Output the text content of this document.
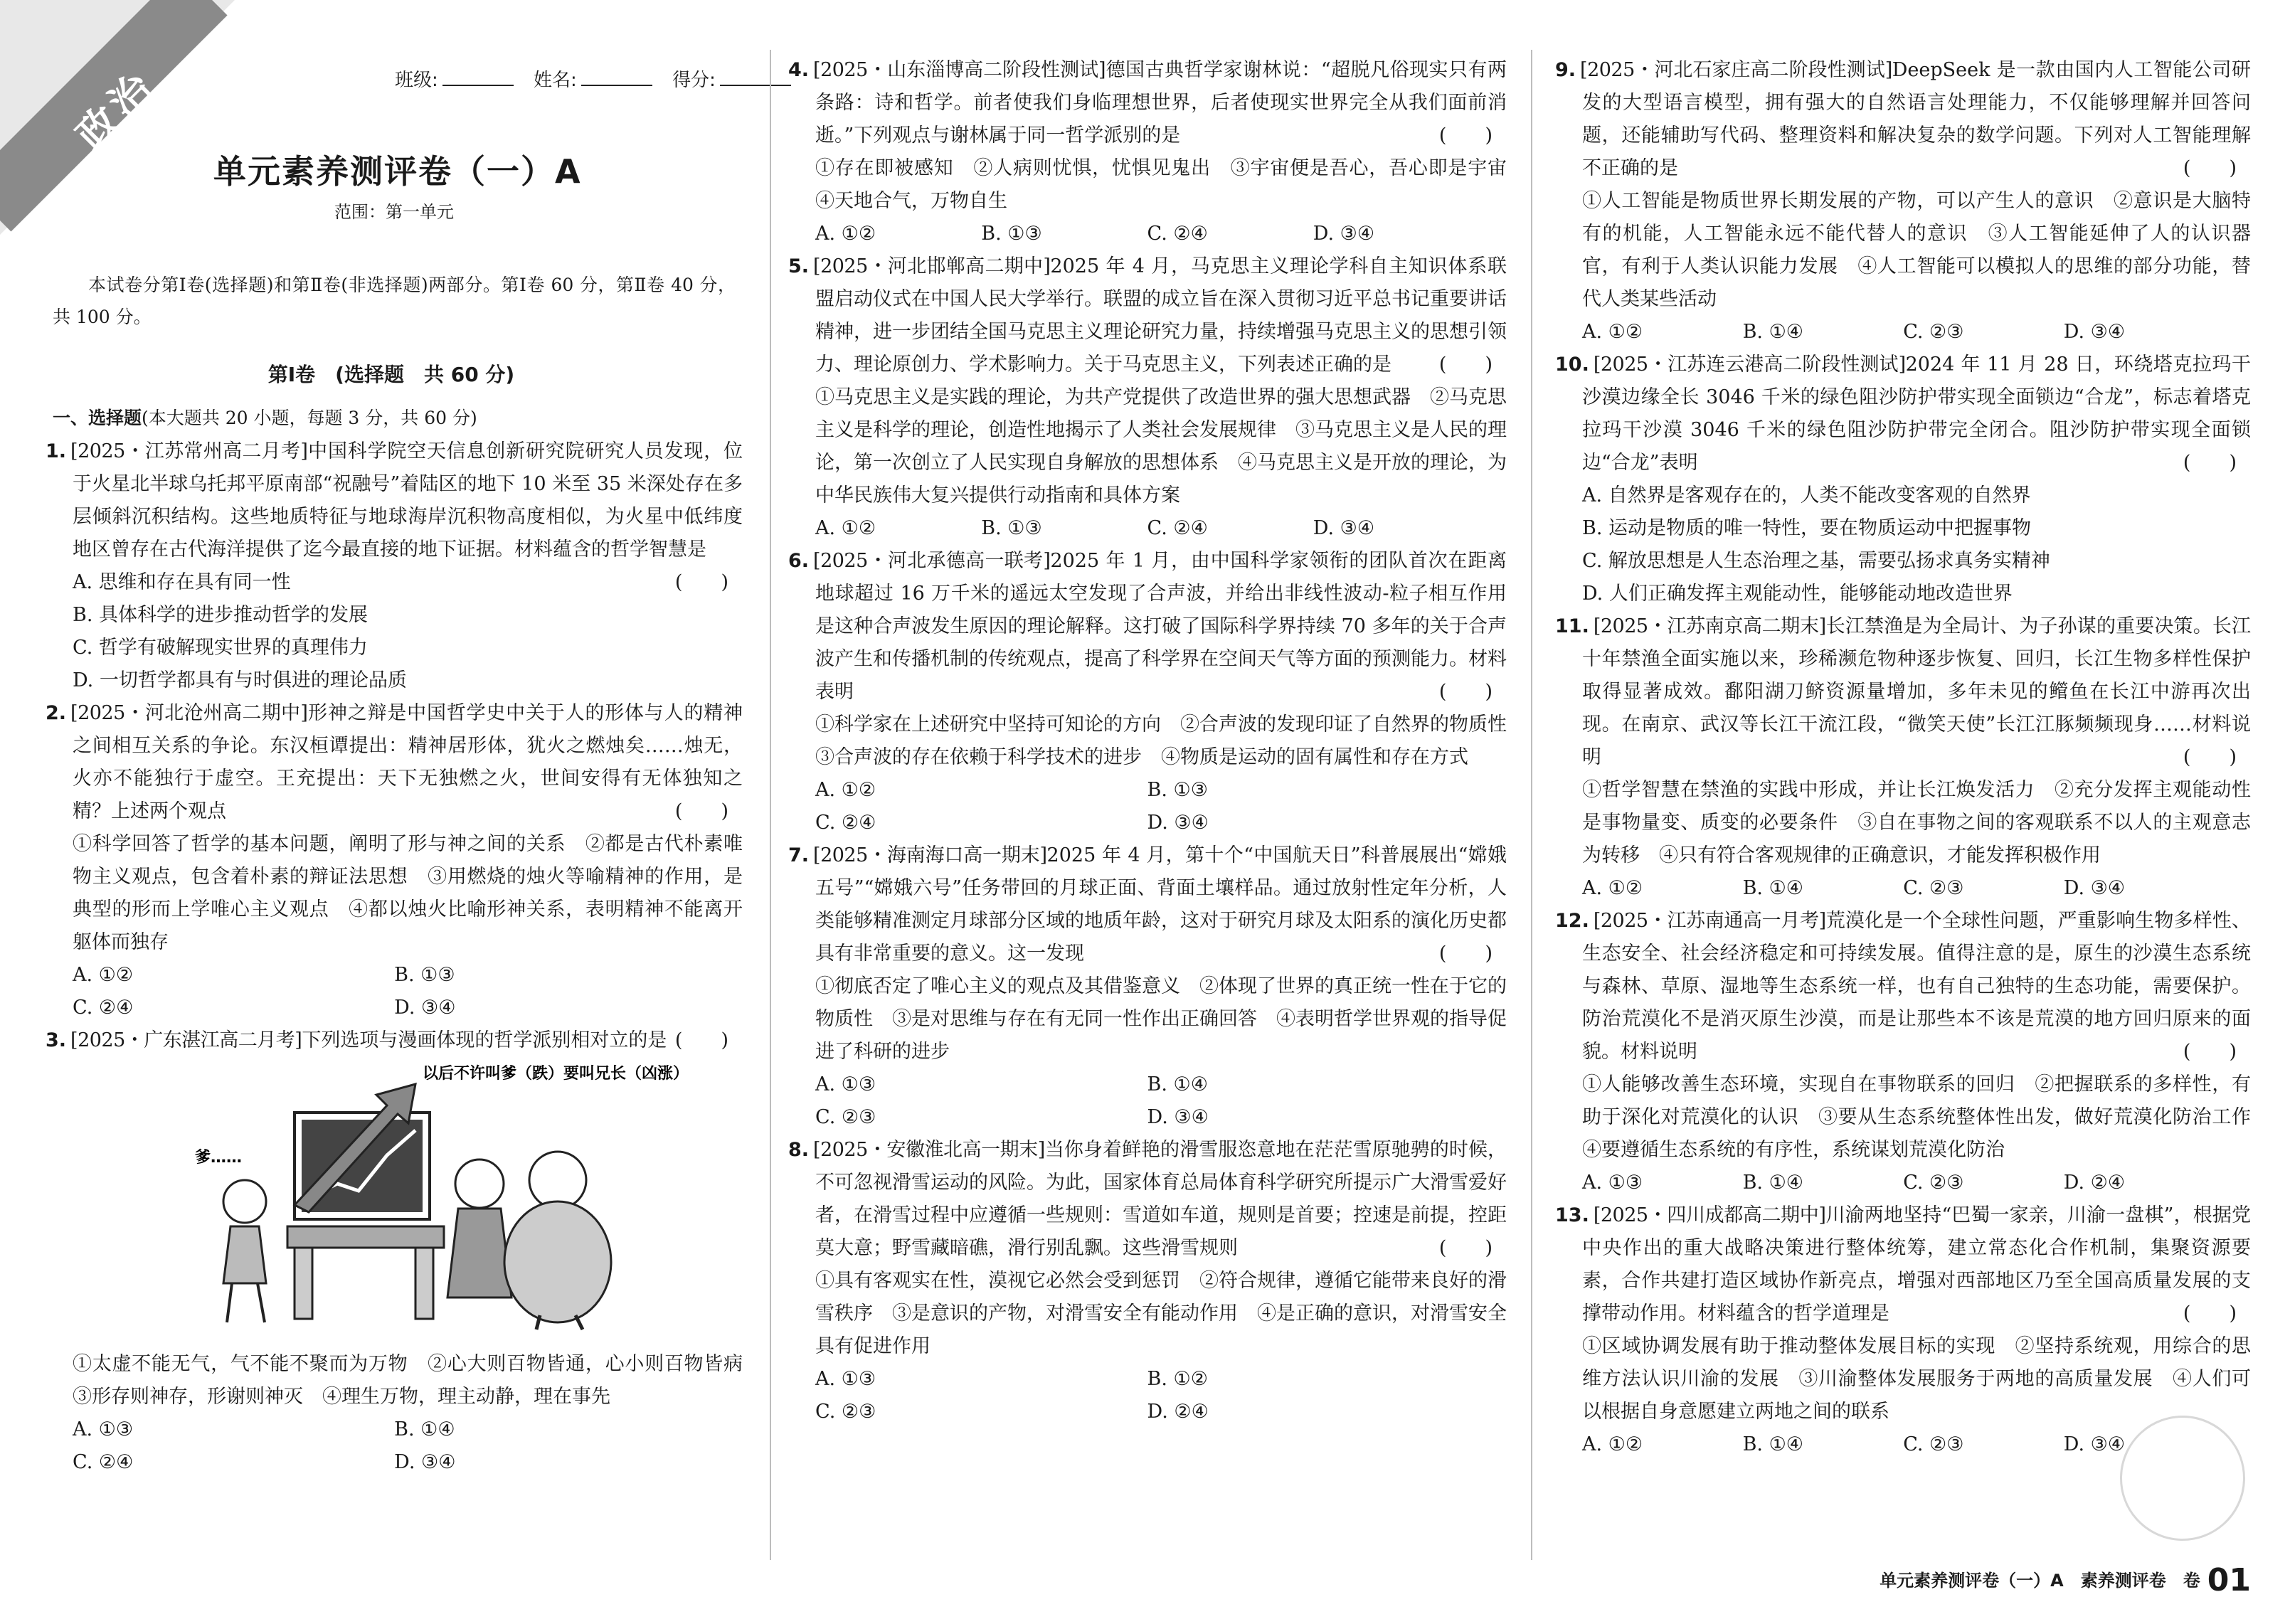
政治	班级:	姓名:	得分:
单元素养测评卷（一）A
范围：第一单元
本试卷分第Ⅰ卷(选择题)和第Ⅱ卷(非选择题)两部分。第Ⅰ卷 60 分，第Ⅱ卷 40 分，共 100 分。
第Ⅰ卷　(选择题　共 60 分)
一、选择题(本大题共 20 小题，每题 3 分，共 60 分)
1. [2025・江苏常州高二月考]中国科学院空天信息创新研究院研究人员发现，位于火星北半球乌托邦平原南部“祝融号”着陆区的地下 10 米至 35 米深处存在多层倾斜沉积结构。这些地质特征与地球海岸沉积物高度相似，为火星中低纬度地区曾存在古代海洋提供了迄今最直接的地下证据。材料蕴含的哲学智慧是
(　　)
A. 思维和存在具有同一性
B. 具体科学的进步推动哲学的发展
C. 哲学有破解现实世界的真理伟力
D. 一切哲学都具有与时俱进的理论品质
2. [2025・河北沧州高二期中]形神之辩是中国哲学史中关于人的形体与人的精神之间相互关系的争论。东汉桓谭提出：精神居形体，犹火之燃烛矣……烛无，火亦不能独行于虚空。王充提出：天下无独燃之火，世间安得有无体独知之精？上述两个观点	(　　)
①科学回答了哲学的基本问题，阐明了形与神之间的关系　②都是古代朴素唯物主义观点，包含着朴素的辩证法思想　③用燃烧的烛火等喻精神的作用，是典型的形而上学唯心主义观点　④都以烛火比喻形神关系，表明精神不能离开躯体而独存
A. ①②	B. ①③ C. ②④	D. ③④
3. [2025・广东湛江高二月考]下列选项与漫画体现的哲学派别相对立的是 (　　)
以后不许叫爹（跌）要叫兄长（凶涨）
爹……
①太虚不能无气，气不能不聚而为万物　②心大则百物皆通，心小则百物皆病　③形存则神存，形谢则神灭　④理生万物，理主动静，理在事先
A. ①③	B. ①④ C. ②④	D. ③④
4. [2025・山东淄博高二阶段性测试]德国古典哲学家谢林说：“超脱凡俗现实只有两条路：诗和哲学。前者使我们身临理想世界，后者使现实世界完全从我们面前消逝。”下列观点与谢林属于同一哲学派别的是	(　　)
①存在即被感知　②人病则忧惧，忧惧见鬼出　③宇宙便是吾心，吾心即是宇宙　④天地合气，万物自生
A. ①②	B. ①③	C. ②④	D. ③④
5. [2025・河北邯郸高二期中]2025 年 4 月，马克思主义理论学科自主知识体系联盟启动仪式在中国人民大学举行。联盟的成立旨在深入贯彻习近平总书记重要讲话精神，进一步团结全国马克思主义理论研究力量，持续增强马克思主义的思想引领力、理论原创力、学术影响力。关于马克思主义，下列表述正确的是 (　　)
①马克思主义是实践的理论，为共产党提供了改造世界的强大思想武器　②马克思主义是科学的理论，创造性地揭示了人类社会发展规律　③马克思主义是人民的理论，第一次创立了人民实现自身解放的思想体系　④马克思主义是开放的理论，为中华民族伟大复兴提供行动指南和具体方案
A. ①②	B. ①③	C. ②④	D. ③④
6. [2025・河北承德高一联考]2025 年 1 月，由中国科学家领衔的团队首次在距离地球超过 16 万千米的遥远太空发现了合声波，并给出非线性波动-粒子相互作用是这种合声波发生原因的理论解释。这打破了国际科学界持续 70 多年的关于合声波产生和传播机制的传统观点，提高了科学界在空间天气等方面的预测能力。材料表明	(　　)
①科学家在上述研究中坚持可知论的方向　②合声波的发现印证了自然界的物质性　③合声波的存在依赖于科学技术的进步　④物质是运动的固有属性和存在方式
A. ①②	B. ①③ C. ②④	D. ③④
7. [2025・海南海口高一期末]2025 年 4 月，第十个“中国航天日”科普展展出“嫦娥五号”“嫦娥六号”任务带回的月球正面、背面土壤样品。通过放射性定年分析，人类能够精准测定月球部分区域的地质年龄，这对于研究月球及太阳系的演化历史都具有非常重要的意义。这一发现	(　　)
①彻底否定了唯心主义的观点及其借鉴意义　②体现了世界的真正统一性在于它的物质性　③是对思维与存在有无同一性作出正确回答　④表明哲学世界观的指导促进了科研的进步
A. ①③	B. ①④ C. ②③	D. ③④
8. [2025・安徽淮北高一期末]当你身着鲜艳的滑雪服恣意地在茫茫雪原驰骋的时候，不可忽视滑雪运动的风险。为此，国家体育总局体育科学研究所提示广大滑雪爱好者，在滑雪过程中应遵循一些规则：雪道如车道，规则是首要；控速是前提，控距莫大意；野雪藏暗礁，滑行别乱飘。这些滑雪规则	(　　)
①具有客观实在性，漠视它必然会受到惩罚　②符合规律，遵循它能带来良好的滑雪秩序　③是意识的产物，对滑雪安全有能动作用　④是正确的意识，对滑雪安全具有促进作用
A. ①③	B. ①② C. ②③	D. ②④
9. [2025・河北石家庄高二阶段性测试]DeepSeek 是一款由国内人工智能公司研发的大型语言模型，拥有强大的自然语言处理能力，不仅能够理解并回答问题，还能辅助写代码、整理资料和解决复杂的数学问题。下列对人工智能理解不正确的是	(　　)
①人工智能是物质世界长期发展的产物，可以产生人的意识　②意识是大脑特有的机能，人工智能永远不能代替人的意识　③人工智能延伸了人的认识器官，有利于人类认识能力发展　④人工智能可以模拟人的思维的部分功能，替代人类某些活动
A. ①②	B. ①④	C. ②③	D. ③④
10. [2025・江苏连云港高二阶段性测试]2024 年 11 月 28 日，环绕塔克拉玛干沙漠边缘全长 3046 千米的绿色阻沙防护带实现全面锁边“合龙”，标志着塔克拉玛干沙漠 3046 千米的绿色阻沙防护带完全闭合。阻沙防护带实现全面锁边“合龙”表明	(　　)
A. 自然界是客观存在的，人类不能改变客观的自然界
B. 运动是物质的唯一特性，要在物质运动中把握事物
C. 解放思想是人生态治理之基，需要弘扬求真务实精神
D. 人们正确发挥主观能动性，能够能动地改造世界
11. [2025・江苏南京高二期末]长江禁渔是为全局计、为子孙谋的重要决策。长江十年禁渔全面实施以来，珍稀濒危物种逐步恢复、回归，长江生物多样性保护取得显著成效。鄱阳湖刀鲚资源量增加，多年未见的鳤鱼在长江中游再次出现。在南京、武汉等长江干流江段，“微笑天使”长江江豚频频现身……材料说明	(　　)
①哲学智慧在禁渔的实践中形成，并让长江焕发活力　②充分发挥主观能动性是事物量变、质变的必要条件　③自在事物之间的客观联系不以人的主观意志为转移　④只有符合客观规律的正确意识，才能发挥积极作用
A. ①②	B. ①④	C. ②③	D. ③④
12. [2025・江苏南通高一月考]荒漠化是一个全球性问题，严重影响生物多样性、生态安全、社会经济稳定和可持续发展。值得注意的是，原生的沙漠生态系统与森林、草原、湿地等生态系统一样，也有自己独特的生态功能，需要保护。防治荒漠化不是消灭原生沙漠，而是让那些本不该是荒漠的地方回归原来的面貌。材料说明	(　　)
①人能够改善生态环境，实现自在事物联系的回归　②把握联系的多样性，有助于深化对荒漠化的认识　③要从生态系统整体性出发，做好荒漠化防治工作　④要遵循生态系统的有序性，系统谋划荒漠化防治
A. ①③	B. ①④	C. ②③	D. ②④
13. [2025・四川成都高二期中]川渝两地坚持“巴蜀一家亲，川渝一盘棋”，根据党中央作出的重大战略决策进行整体统筹，建立常态化合作机制，集聚资源要素，合作共建打造区域协作新亮点，增强对西部地区乃至全国高质量发展的支撑带动作用。材料蕴含的哲学道理是	(　　)
①区域协调发展有助于推动整体发展目标的实现　②坚持系统观，用综合的思维方法认识川渝的发展　③川渝整体发展服务于两地的高质量发展　④人们可以根据自身意愿建立两地之间的联系
A. ①②	B. ①④	C. ②③	D. ③④
单元素养测评卷（一）A　素养测评卷　卷 01
